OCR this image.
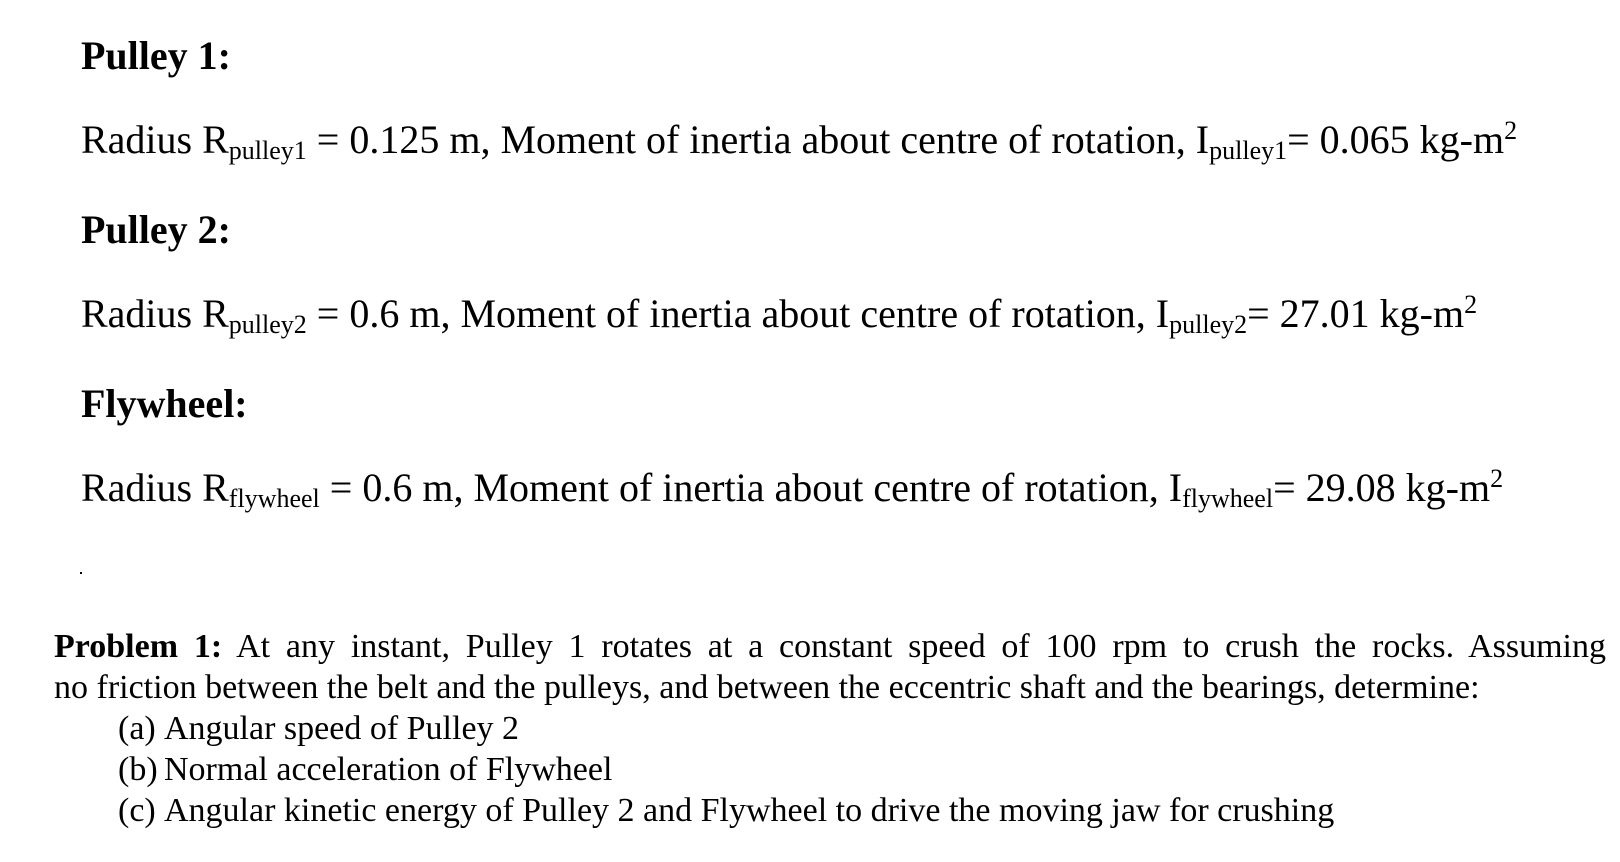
Pulley 1:
Radius $R_{pulley1} = 0.125$ m, Moment of inertia about centre of rotation, $I_{pulley1}= 0.065$ $kg-m^2$
Pulley 2:
Radius $R_{pulley2} = 0.6$ m, Moment of inertia about centre of rotation, $I_{pulley2}= 27.01$ $kg-m^2$
Flywheel:
Radius $R_{flywheel} = 0.6$ m, Moment of inertia about centre of rotation, $I_{flywheel}= 29.08$ $kg-m^2$
Problem 1: At any instant, Pulley 1 rotates at a constant speed of 100 rpm to crush the rocks. Assuming
no friction between the belt and the pulleys, and between the eccentric shaft and the bearings, determine:
(a) Angular speed of Pulley 2
(b) Normal acceleration of Flywheel
(c) Angular kinetic energy of Pulley 2 and Flywheel to drive the moving jaw for crushing
